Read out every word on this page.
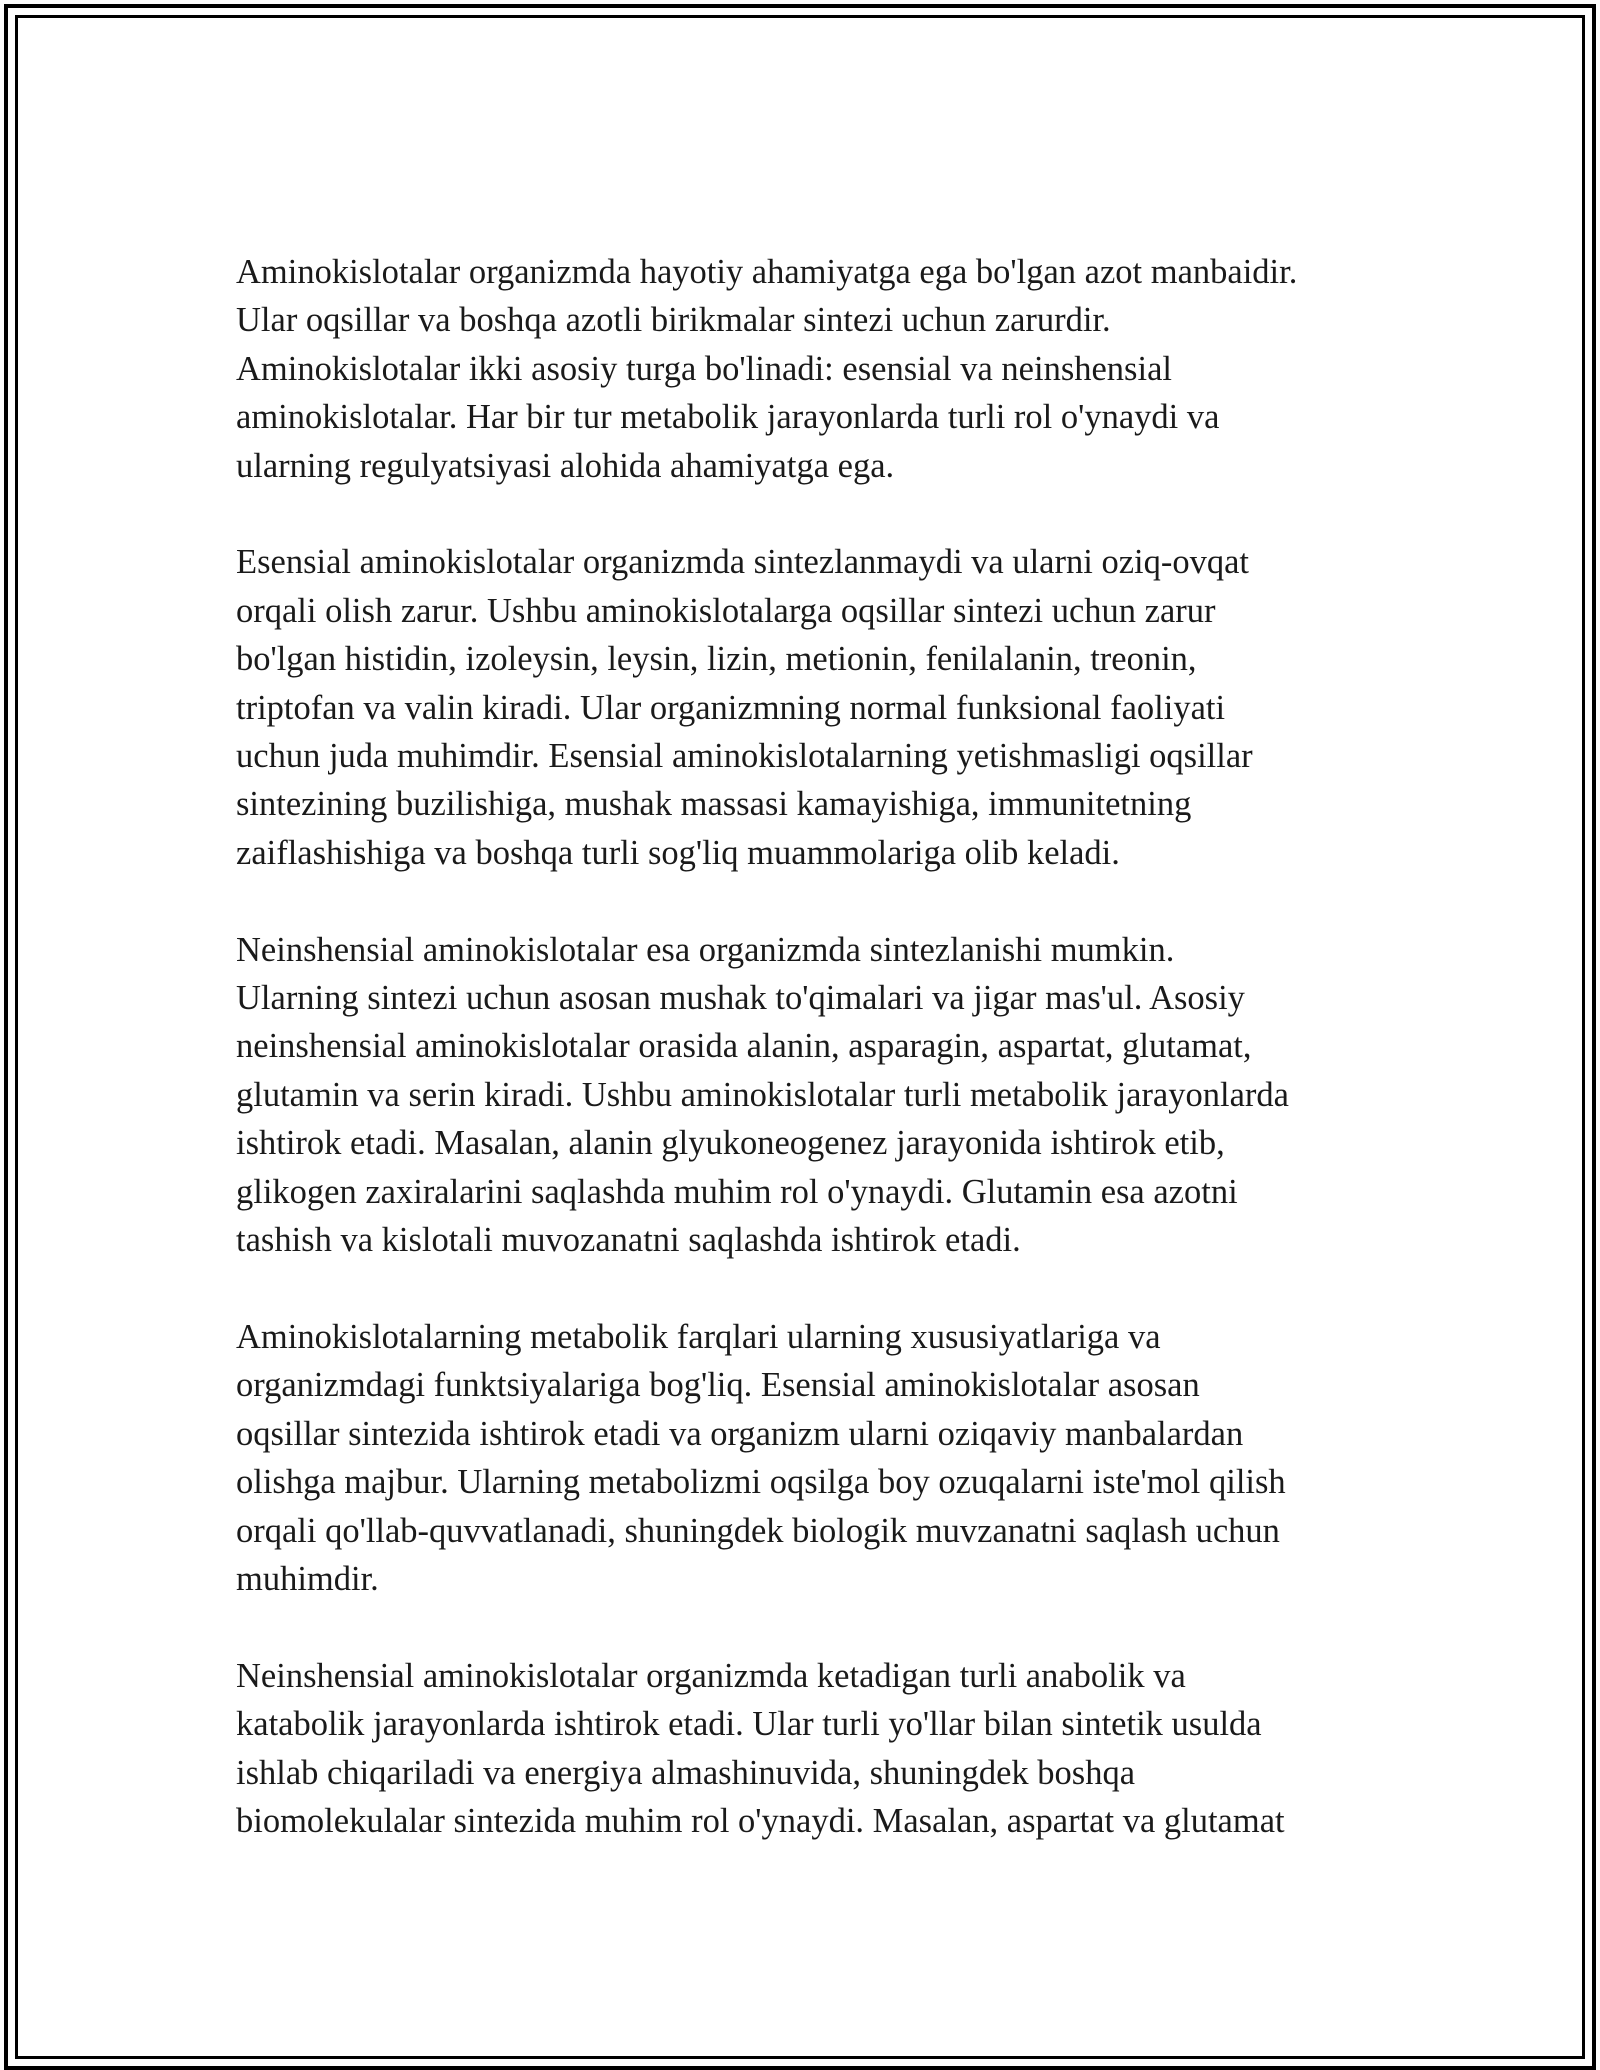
Aminokislotalar organizmda hayotiy ahamiyatga ega bo'lgan azot manbaidir.
Ular oqsillar va boshqa azotli birikmalar sintezi uchun zarurdir.
Aminokislotalar ikki asosiy turga bo'linadi: esensial va neinshensial
aminokislotalar. Har bir tur metabolik jarayonlarda turli rol o'ynaydi va
ularning regulyatsiyasi alohida ahamiyatga ega.

Esensial aminokislotalar organizmda sintezlanmaydi va ularni oziq-ovqat
orqali olish zarur. Ushbu aminokislotalarga oqsillar sintezi uchun zarur
bo'lgan histidin, izoleysin, leysin, lizin, metionin, fenilalanin, treonin,
triptofan va valin kiradi. Ular organizmning normal funksional faoliyati
uchun juda muhimdir. Esensial aminokislotalarning yetishmasligi oqsillar
sintezining buzilishiga, mushak massasi kamayishiga, immunitetning
zaiflashishiga va boshqa turli sog'liq muammolariga olib keladi.

Neinshensial aminokislotalar esa organizmda sintezlanishi mumkin.
Ularning sintezi uchun asosan mushak to'qimalari va jigar mas'ul. Asosiy
neinshensial aminokislotalar orasida alanin, asparagin, aspartat, glutamat,
glutamin va serin kiradi. Ushbu aminokislotalar turli metabolik jarayonlarda
ishtirok etadi. Masalan, alanin glyukoneogenez jarayonida ishtirok etib,
glikogen zaxiralarini saqlashda muhim rol o'ynaydi. Glutamin esa azotni
tashish va kislotali muvozanatni saqlashda ishtirok etadi.

Aminokislotalarning metabolik farqlari ularning xususiyatlariga va
organizmdagi funktsiyalariga bog'liq. Esensial aminokislotalar asosan
oqsillar sintezida ishtirok etadi va organizm ularni oziqaviy manbalardan
olishga majbur. Ularning metabolizmi oqsilga boy ozuqalarni iste'mol qilish
orqali qo'llab-quvvatlanadi, shuningdek biologik muvzanatni saqlash uchun
muhimdir.

Neinshensial aminokislotalar organizmda ketadigan turli anabolik va
katabolik jarayonlarda ishtirok etadi. Ular turli yo'llar bilan sintetik usulda
ishlab chiqariladi va energiya almashinuvida, shuningdek boshqa
biomolekulalar sintezida muhim rol o'ynaydi. Masalan, aspartat va glutamat
